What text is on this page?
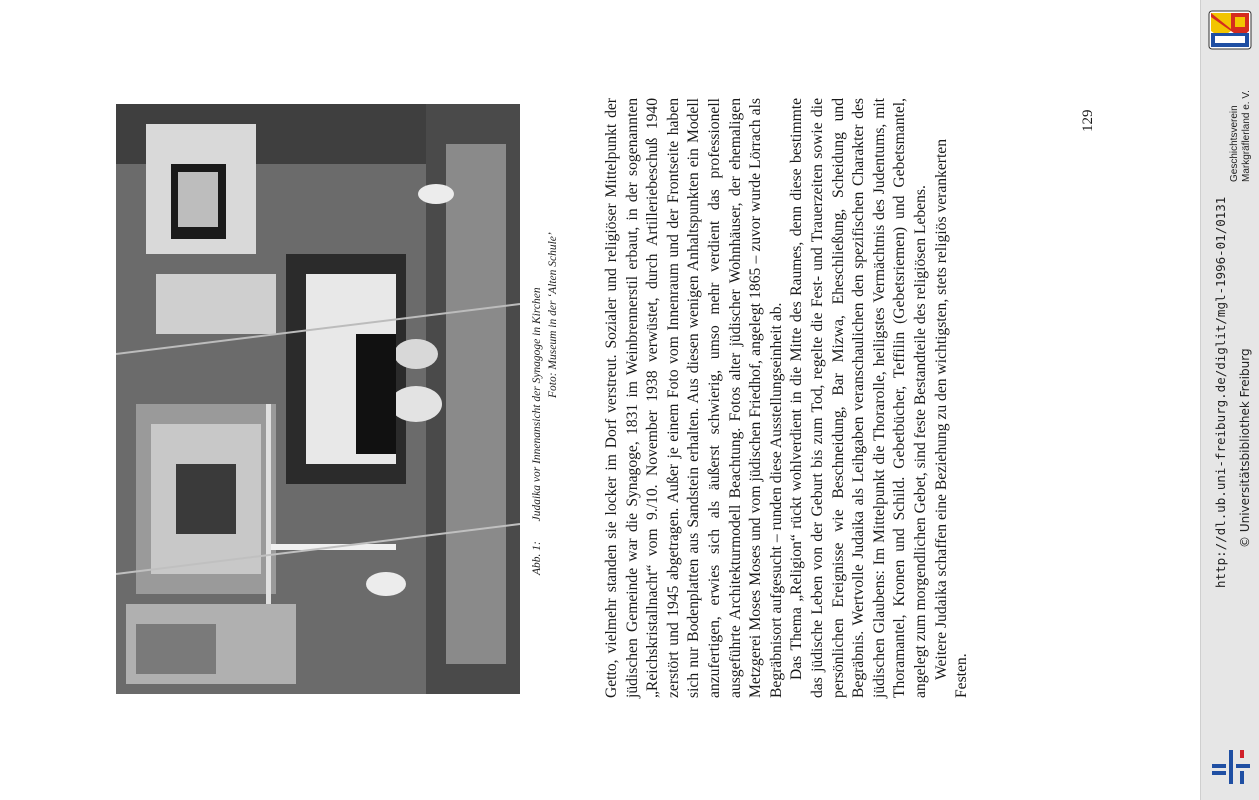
Abb. 1:  Judaika vor Innenansicht der Synagoge in Kirchen Foto: Museum in der ‘Alten Schule’	Getto, vielmehr standen sie locker im Dorf verstreut. Sozialer und religiöser Mittelpunkt der jüdischen Gemeinde war die Synagoge, 1831 im Weinbrennerstil erbaut, in der sogenannten „Reichskristallnacht“ vom 9./10. November 1938 verwüstet, durch Artilleriebeschuß 1940 zerstört und 1945 abgetragen. Außer je einem Foto vom Innenraum und der Frontseite haben sich nur Bodenplatten aus Sandstein erhalten. Aus diesen wenigen Anhaltspunkten ein Modell anzufertigen, erwies sich als äußerst schwierig, umso mehr verdient das professionell ausgeführte Architekturmodell Beachtung. Fotos alter jüdischer Wohnhäuser, der ehemaligen Metzgerei Moses Moses und vom jüdischen Friedhof, angelegt 1865 – zuvor wurde Lörrach als Begräbnisort aufgesucht – runden diese Ausstellungseinheit ab. Das Thema „Religion“ rückt wohlverdient in die Mitte des Raumes, denn diese bestimmte das jüdische Leben von der Geburt bis zum Tod, regelte die Fest- und Trauerzeiten sowie die persönlichen Ereignisse wie Beschneidung, Bar Mizwa, Eheschließung, Scheidung und Begräbnis. Wertvolle Judaika als Leihgaben veranschaulichen den spezifischen Charakter des jüdischen Glaubens: Im Mittelpunkt die Thorarolle, heiligstes Vermächtnis des Judentums, mit Thoramantel, Kronen und Schild. Gebetbücher, Teffilin (Gebetsriemen) und Gebetsmantel, angelegt zum morgendlichen Gebet, sind feste Bestandteile des religiösen Lebens. Weitere Judaika schaffen eine Beziehung zu den wichtigsten, stets religiös verankerten Festen.

129	Geschichtsverein Markgräflerland e. V.
http://dl.ub.uni-freiburg.de/diglit/mgl-1996-01/0131 © Universitätsbibliothek Freiburg
